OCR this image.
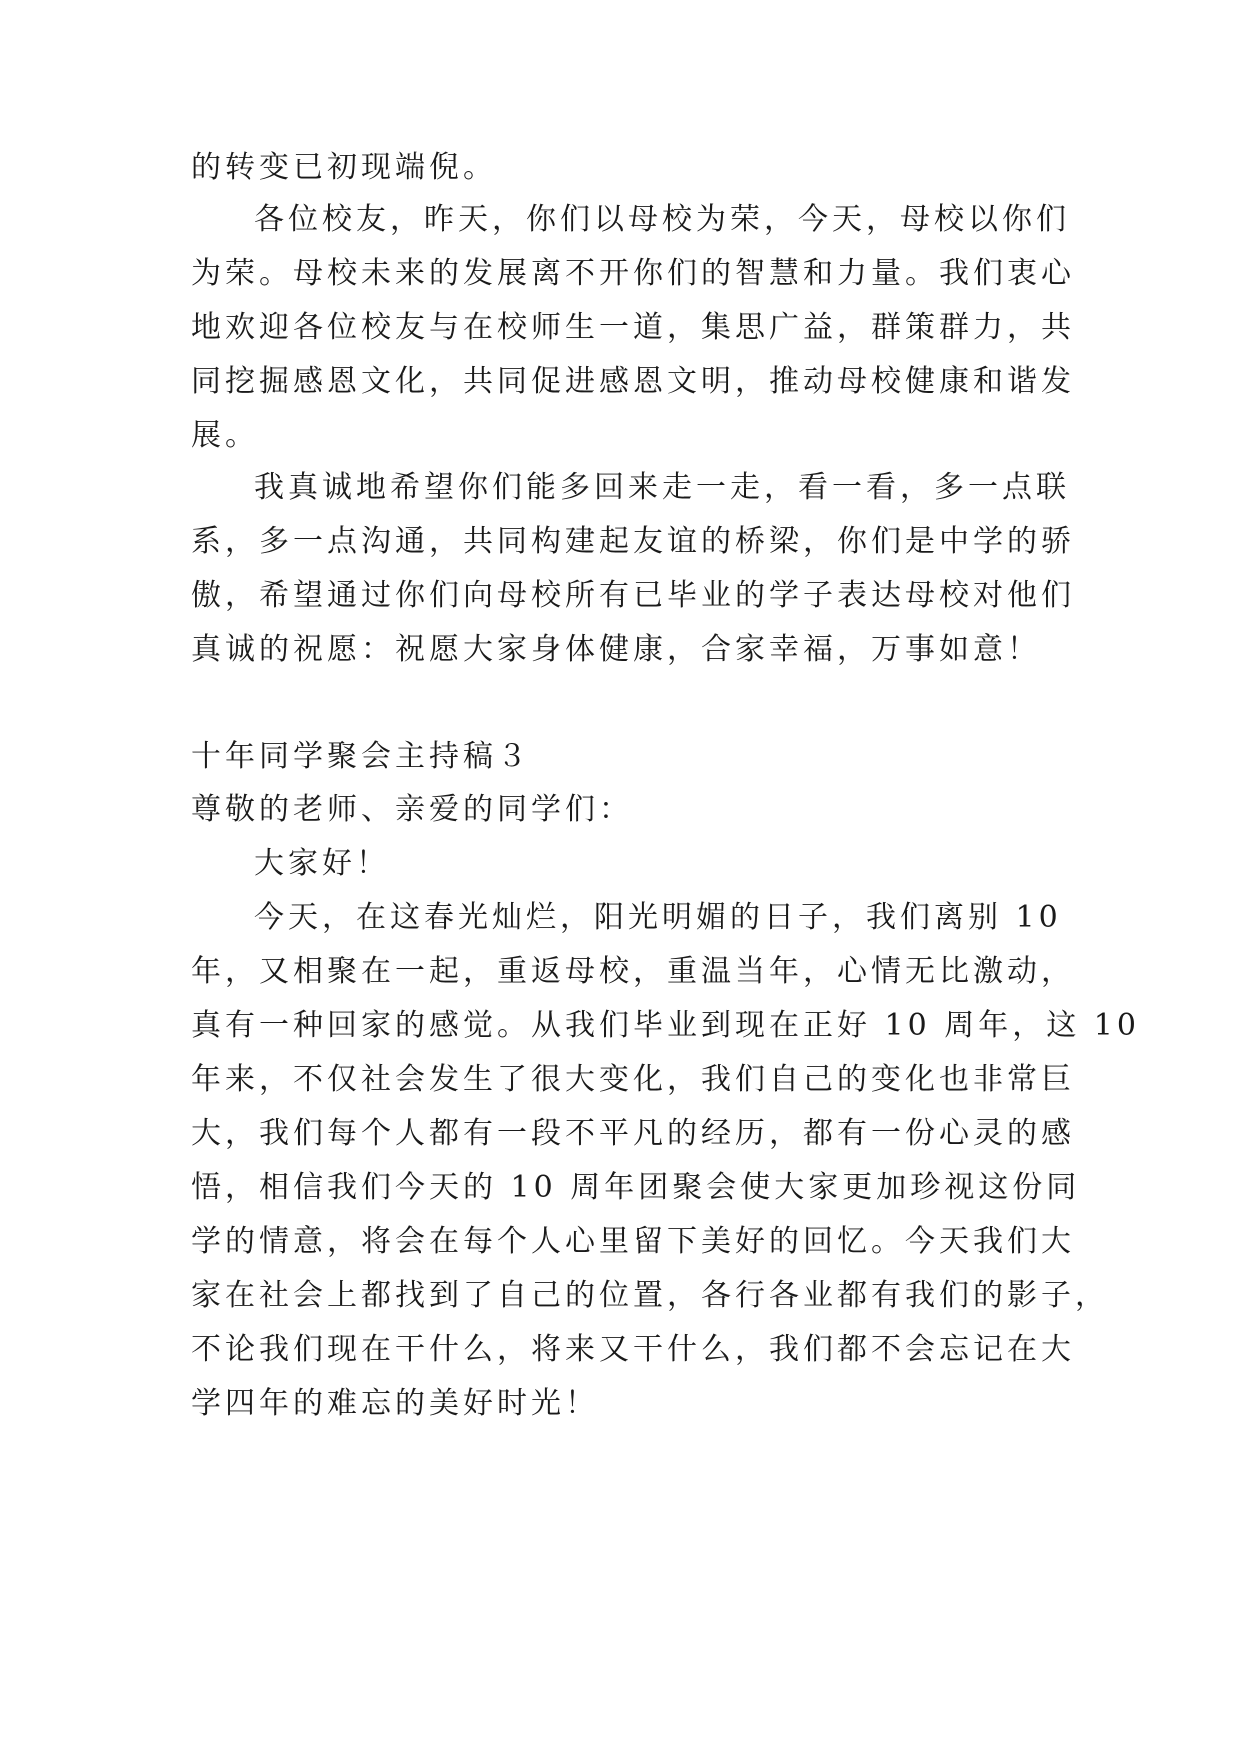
的转变已初现端倪。
各位校友，昨天，你们以母校为荣，今天，母校以你们
为荣。母校未来的发展离不开你们的智慧和力量。我们衷心
地欢迎各位校友与在校师生一道，集思广益，群策群力，共
同挖掘感恩文化，共同促进感恩文明，推动母校健康和谐发
展。
我真诚地希望你们能多回来走一走，看一看，多一点联
系，多一点沟通，共同构建起友谊的桥梁，你们是中学的骄
傲，希望通过你们向母校所有已毕业的学子表达母校对他们
真诚的祝愿：祝愿大家身体健康，合家幸福，万事如意！
十年同学聚会主持稿３
尊敬的老师、亲爱的同学们：
大家好！
今天，在这春光灿烂，阳光明媚的日子，我们离别 10
年，又相聚在一起，重返母校，重温当年，心情无比激动，
真有一种回家的感觉。从我们毕业到现在正好 10 周年，这 10
年来，不仅社会发生了很大变化，我们自己的变化也非常巨
大，我们每个人都有一段不平凡的经历，都有一份心灵的感
悟，相信我们今天的 10 周年团聚会使大家更加珍视这份同
学的情意，将会在每个人心里留下美好的回忆。今天我们大
家在社会上都找到了自己的位置，各行各业都有我们的影子，
不论我们现在干什么，将来又干什么，我们都不会忘记在大
学四年的难忘的美好时光！
